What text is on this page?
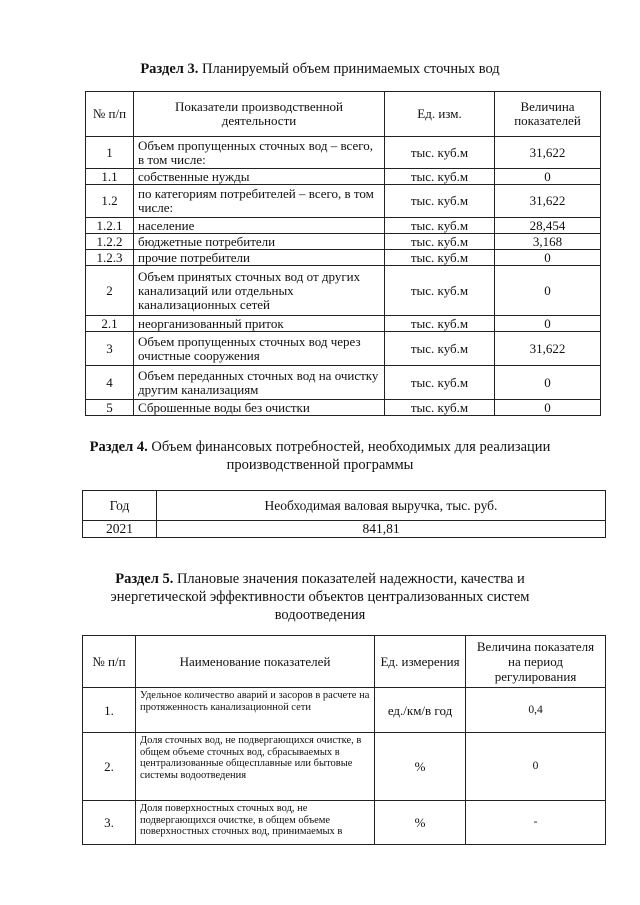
Раздел 3. Планируемый объем принимаемых сточных вод
№ п/п	Показатели производственной деятельности	Ед. изм.	Величина показателей
1	Объем пропущенных сточных вод – всего, в том числе:	тыс. куб.м	31,622
1.1	собственные нужды	тыс. куб.м	0
1.2	по категориям потребителей – всего, в том числе:	тыс. куб.м	31,622
1.2.1	население	тыс. куб.м	28,454
1.2.2	бюджетные потребители	тыс. куб.м	3,168
1.2.3	прочие потребители	тыс. куб.м	0
2	Объем принятых сточных вод от других канализаций или отдельных канализационных сетей	тыс. куб.м	0
2.1	неорганизованный приток	тыс. куб.м	0
3	Объем пропущенных сточных вод через очистные сооружения	тыс. куб.м	31,622
4	Объем переданных сточных вод на очистку другим канализациям	тыс. куб.м	0
5	Сброшенные воды без очистки	тыс. куб.м	0
Раздел 4. Объем финансовых потребностей, необходимых для реализации
производственной программы
Год	Необходимая валовая выручка, тыс. руб.
2021	841,81
Раздел 5. Плановые значения показателей надежности, качества и
энергетической эффективности объектов централизованных систем
водоотведения
№ п/п	Наименование показателей	Ед. измерения	Величина показателя на период регулирования
1.	Удельное количество аварий и засоров в расчете на протяженность канализационной сети	ед./км/в год	0,4
2.	Доля сточных вод, не подвергающихся очистке, в общем объеме сточных вод, сбрасываемых в централизованные общесплавные или бытовые системы водоотведения	%	0
3.	Доля поверхностных сточных вод, не подвергающихся очистке, в общем объеме поверхностных сточных вод, принимаемых в	%	-
